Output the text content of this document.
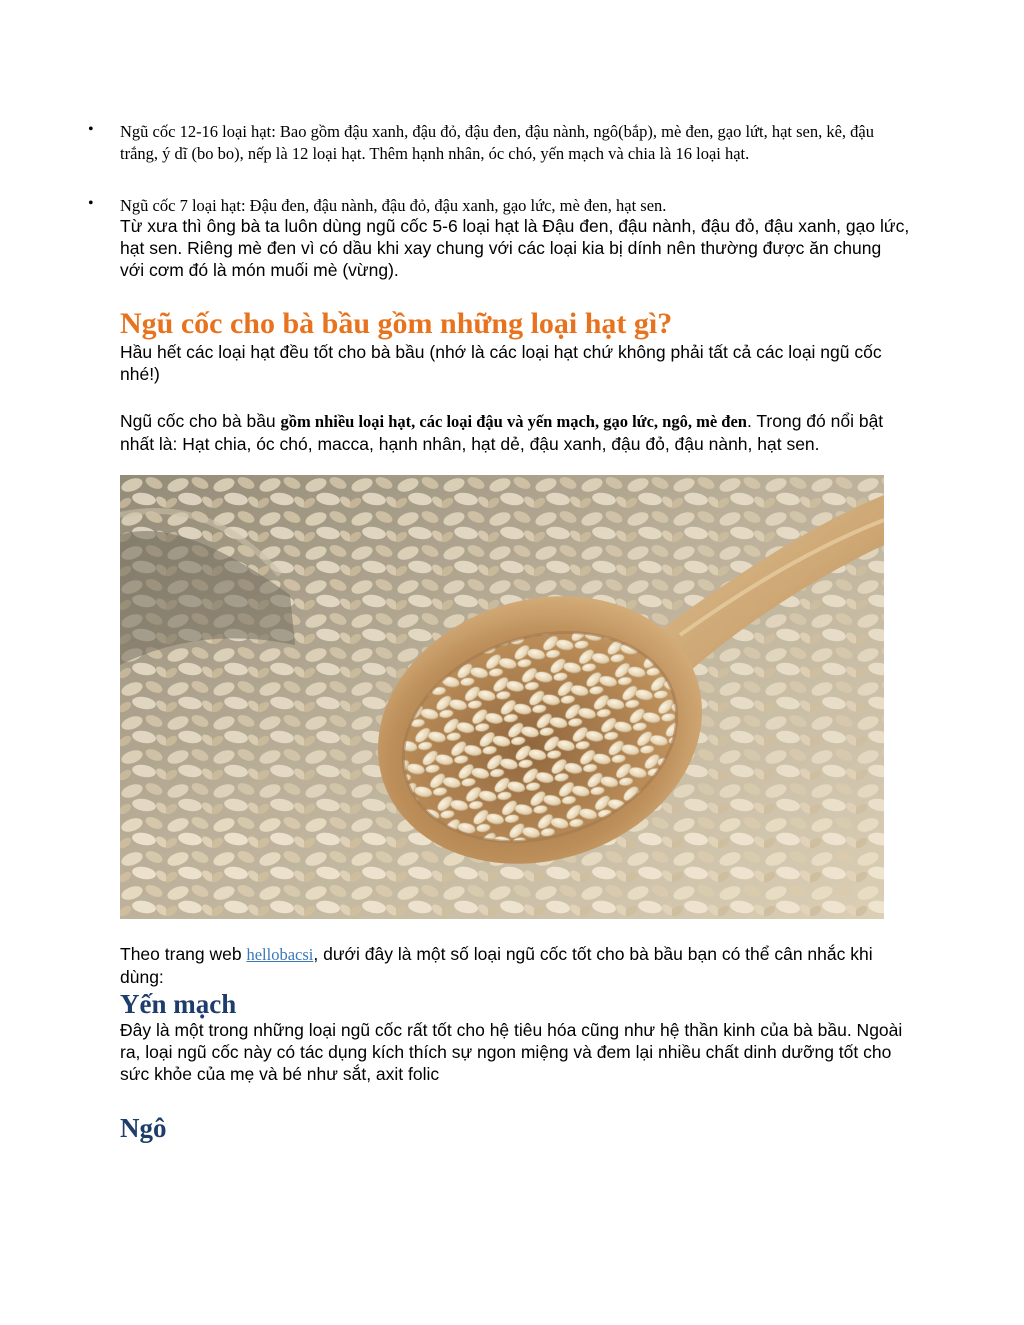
• Ngũ cốc 12-16 loại hạt: Bao gồm đậu xanh, đậu đỏ, đậu đen, đậu nành, ngô(bắp), mè đen, gạo lứt, hạt sen, kê, đậu trắng, ý dĩ (bo bo), nếp là 12 loại hạt. Thêm hạnh nhân, óc chó, yến mạch và chia là 16 loại hạt.
• Ngũ cốc 7 loại hạt: Đậu đen, đậu nành, đậu đỏ, đậu xanh, gạo lức, mè đen, hạt sen.
Từ xưa thì ông bà ta luôn dùng ngũ cốc 5-6 loại hạt là Đậu đen, đậu nành, đậu đỏ, đậu xanh, gạo lức, hạt sen. Riêng mè đen vì có dầu khi xay chung với các loại kia bị dính nên thường được ăn chung với cơm đó là món muối mè (vừng).
Ngũ cốc cho bà bầu gồm những loại hạt gì?
Hầu hết các loại hạt đều tốt cho bà bầu (nhớ là các loại hạt chứ không phải tất cả các loại ngũ cốc nhé!)
Ngũ cốc cho bà bầu gồm nhiều loại hạt, các loại đậu và yến mạch, gạo lức, ngô, mè đen. Trong đó nổi bật nhất là: Hạt chia, óc chó, macca, hạnh nhân, hạt dẻ, đậu xanh, đậu đỏ, đậu nành, hạt sen.
Theo trang web hellobacsi, dưới đây là một số loại ngũ cốc tốt cho bà bầu bạn có thể cân nhắc khi dùng:
Yến mạch
Đây là một trong những loại ngũ cốc rất tốt cho hệ tiêu hóa cũng như hệ thần kinh của bà bầu. Ngoài ra, loại ngũ cốc này có tác dụng kích thích sự ngon miệng và đem lại nhiều chất dinh dưỡng tốt cho sức khỏe của mẹ và bé như sắt, axit folic
Ngô
